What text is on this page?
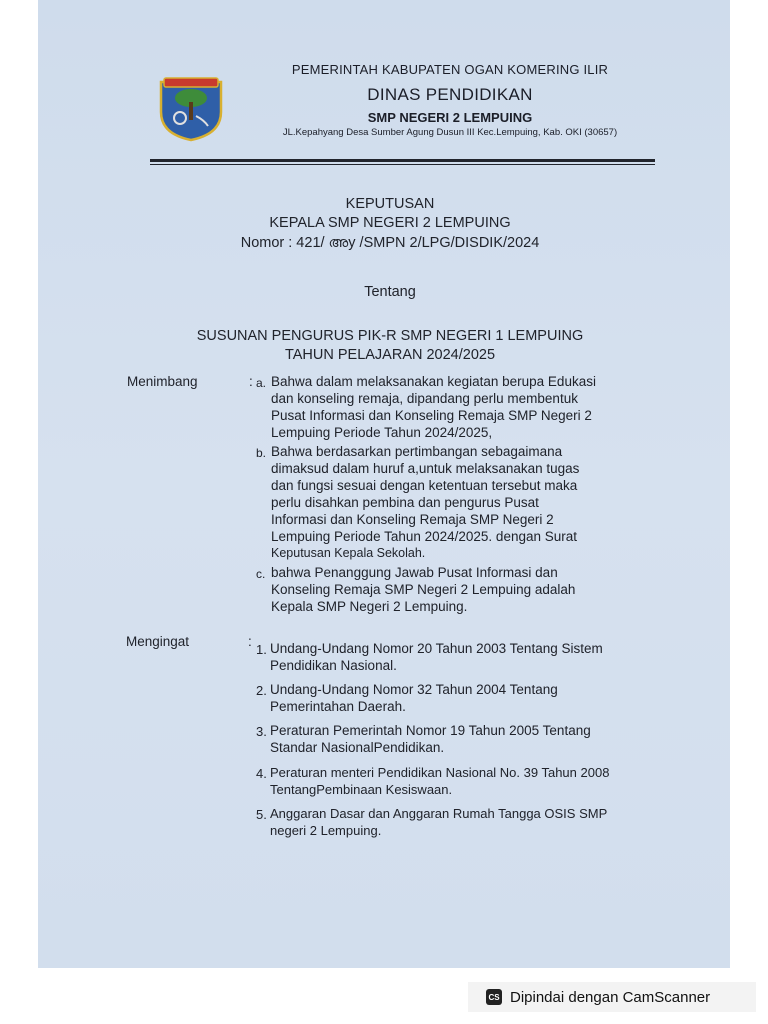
PEMERINTAH KABUPATEN OGAN KOMERING ILIR
DINAS PENDIDIKAN
SMP NEGERI 2 LEMPUING
JL.Kepahyang Desa Sumber Agung Dusun III Kec.Lempuing, Kab. OKI (30657)
KEPUTUSAN
KEPALA SMP NEGERI 2 LEMPUING
Nomor : 421/ അy /SMPN 2/LPG/DISDIK/2024
Tentang
SUSUNAN PENGURUS PIK-R SMP NEGERI 1 LEMPUING
TAHUN PELAJARAN 2024/2025
Menimbang	: a. Bahwa dalam melaksanakan kegiatan berupa Edukasi
dan konseling remaja, dipandang perlu membentuk
Pusat Informasi dan Konseling Remaja SMP Negeri 2
Lempuing Periode Tahun 2024/2025,
b. Bahwa berdasarkan pertimbangan sebagaimana
dimaksud dalam huruf a,untuk melaksanakan tugas
dan fungsi sesuai dengan ketentuan tersebut maka
perlu disahkan pembina dan pengurus Pusat
Informasi dan Konseling Remaja SMP Negeri 2
Lempuing Periode Tahun 2024/2025. dengan Surat
Keputusan Kepala Sekolah.
c. bahwa Penanggung Jawab Pusat Informasi dan
Konseling Remaja SMP Negeri 2 Lempuing adalah
Kepala SMP Negeri 2 Lempuing.
Mengingat	:
1. Undang-Undang Nomor 20 Tahun 2003 Tentang Sistem
Pendidikan Nasional.
2. Undang-Undang Nomor 32 Tahun 2004 Tentang
Pemerintahan Daerah.
3. Peraturan Pemerintah Nomor 19 Tahun 2005 Tentang
Standar NasionalPendidikan.
4. Peraturan menteri Pendidikan Nasional No. 39 Tahun 2008
TentangPembinaan Kesiswaan.
5. Anggaran Dasar dan Anggaran Rumah Tangga OSIS SMP
negeri 2 Lempuing.
CS Dipindai dengan CamScanner
